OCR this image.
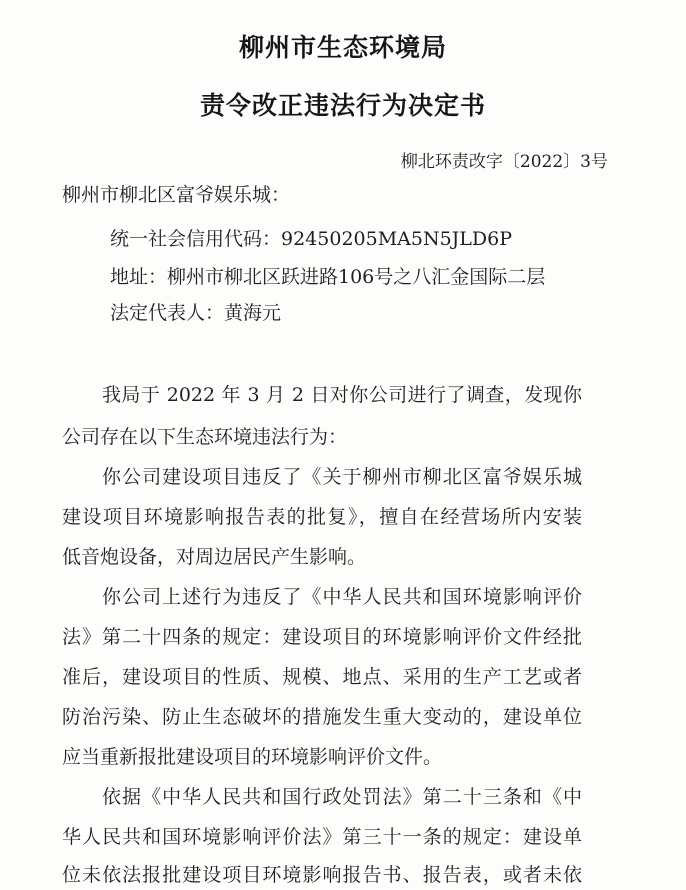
柳州市生态环境局
责令改正违法行为决定书
柳北环责改字〔2022〕3号
柳州市柳北区富爷娱乐城：
统一社会信用代码：92450205MA5N5JLD6P
地址：柳州市柳北区跃进路106号之八汇金国际二层
法定代表人：黄海元
我局于 2022 年 3 月 2 日对你公司进行了调查，发现你
公司存在以下生态环境违法行为：
你公司建设项目违反了《关于柳州市柳北区富爷娱乐城
建设项目环境影响报告表的批复》，擅自在经营场所内安装
低音炮设备，对周边居民产生影响。
你公司上述行为违反了《中华人民共和国环境影响评价
法》第二十四条的规定：建设项目的环境影响评价文件经批
准后，建设项目的性质、规模、地点、采用的生产工艺或者
防治污染、防止生态破坏的措施发生重大变动的，建设单位
应当重新报批建设项目的环境影响评价文件。
依据《中华人民共和国行政处罚法》第二十三条和《中
华人民共和国环境影响评价法》第三十一条的规定：建设单
位未依法报批建设项目环境影响报告书、报告表，或者未依
